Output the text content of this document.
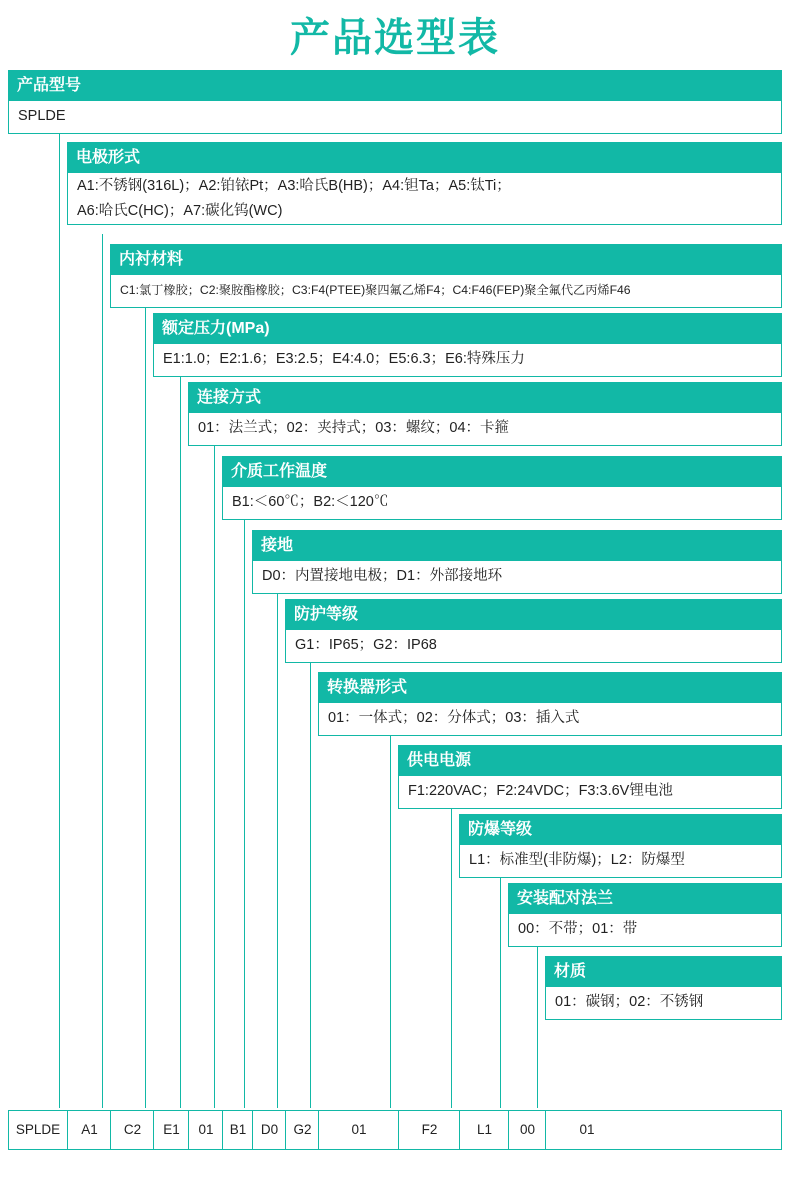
产品选型表
产品型号
SPLDE
电极形式
A1:不锈钢(316L)；A2:铂铱Pt；A3:哈氏B(HB)；A4:钽Ta；A5:钛Ti；
A6:哈氏C(HC)；A7:碳化钨(WC)
内衬材料
C1:氯丁橡胶；C2:聚胺酯橡胶；C3:F4(PTEE)聚四氟乙烯F4；C4:F46(FEP)聚全氟代乙丙烯F46
额定压力(MPa)
E1:1.0；E2:1.6；E3:2.5；E4:4.0；E5:6.3；E6:特殊压力
连接方式
01：法兰式；02：夹持式；03：螺纹；04：卡箍
介质工作温度
B1:＜60℃；B2:＜120℃
接地
D0：内置接地电极；D1：外部接地环
防护等级
G1：IP65；G2：IP68
转换器形式
01：一体式；02：分体式；03：插入式
供电电源
F1:220VAC；F2:24VDC；F3:3.6V锂电池
防爆等级
L1：标准型(非防爆)；L2：防爆型
安装配对法兰
00：不带；01：带
材质
01：碳钢；02：不锈钢
SPLDE	A1	C2	E1	01	B1	D0	G2	01	F2	L1	00	01
